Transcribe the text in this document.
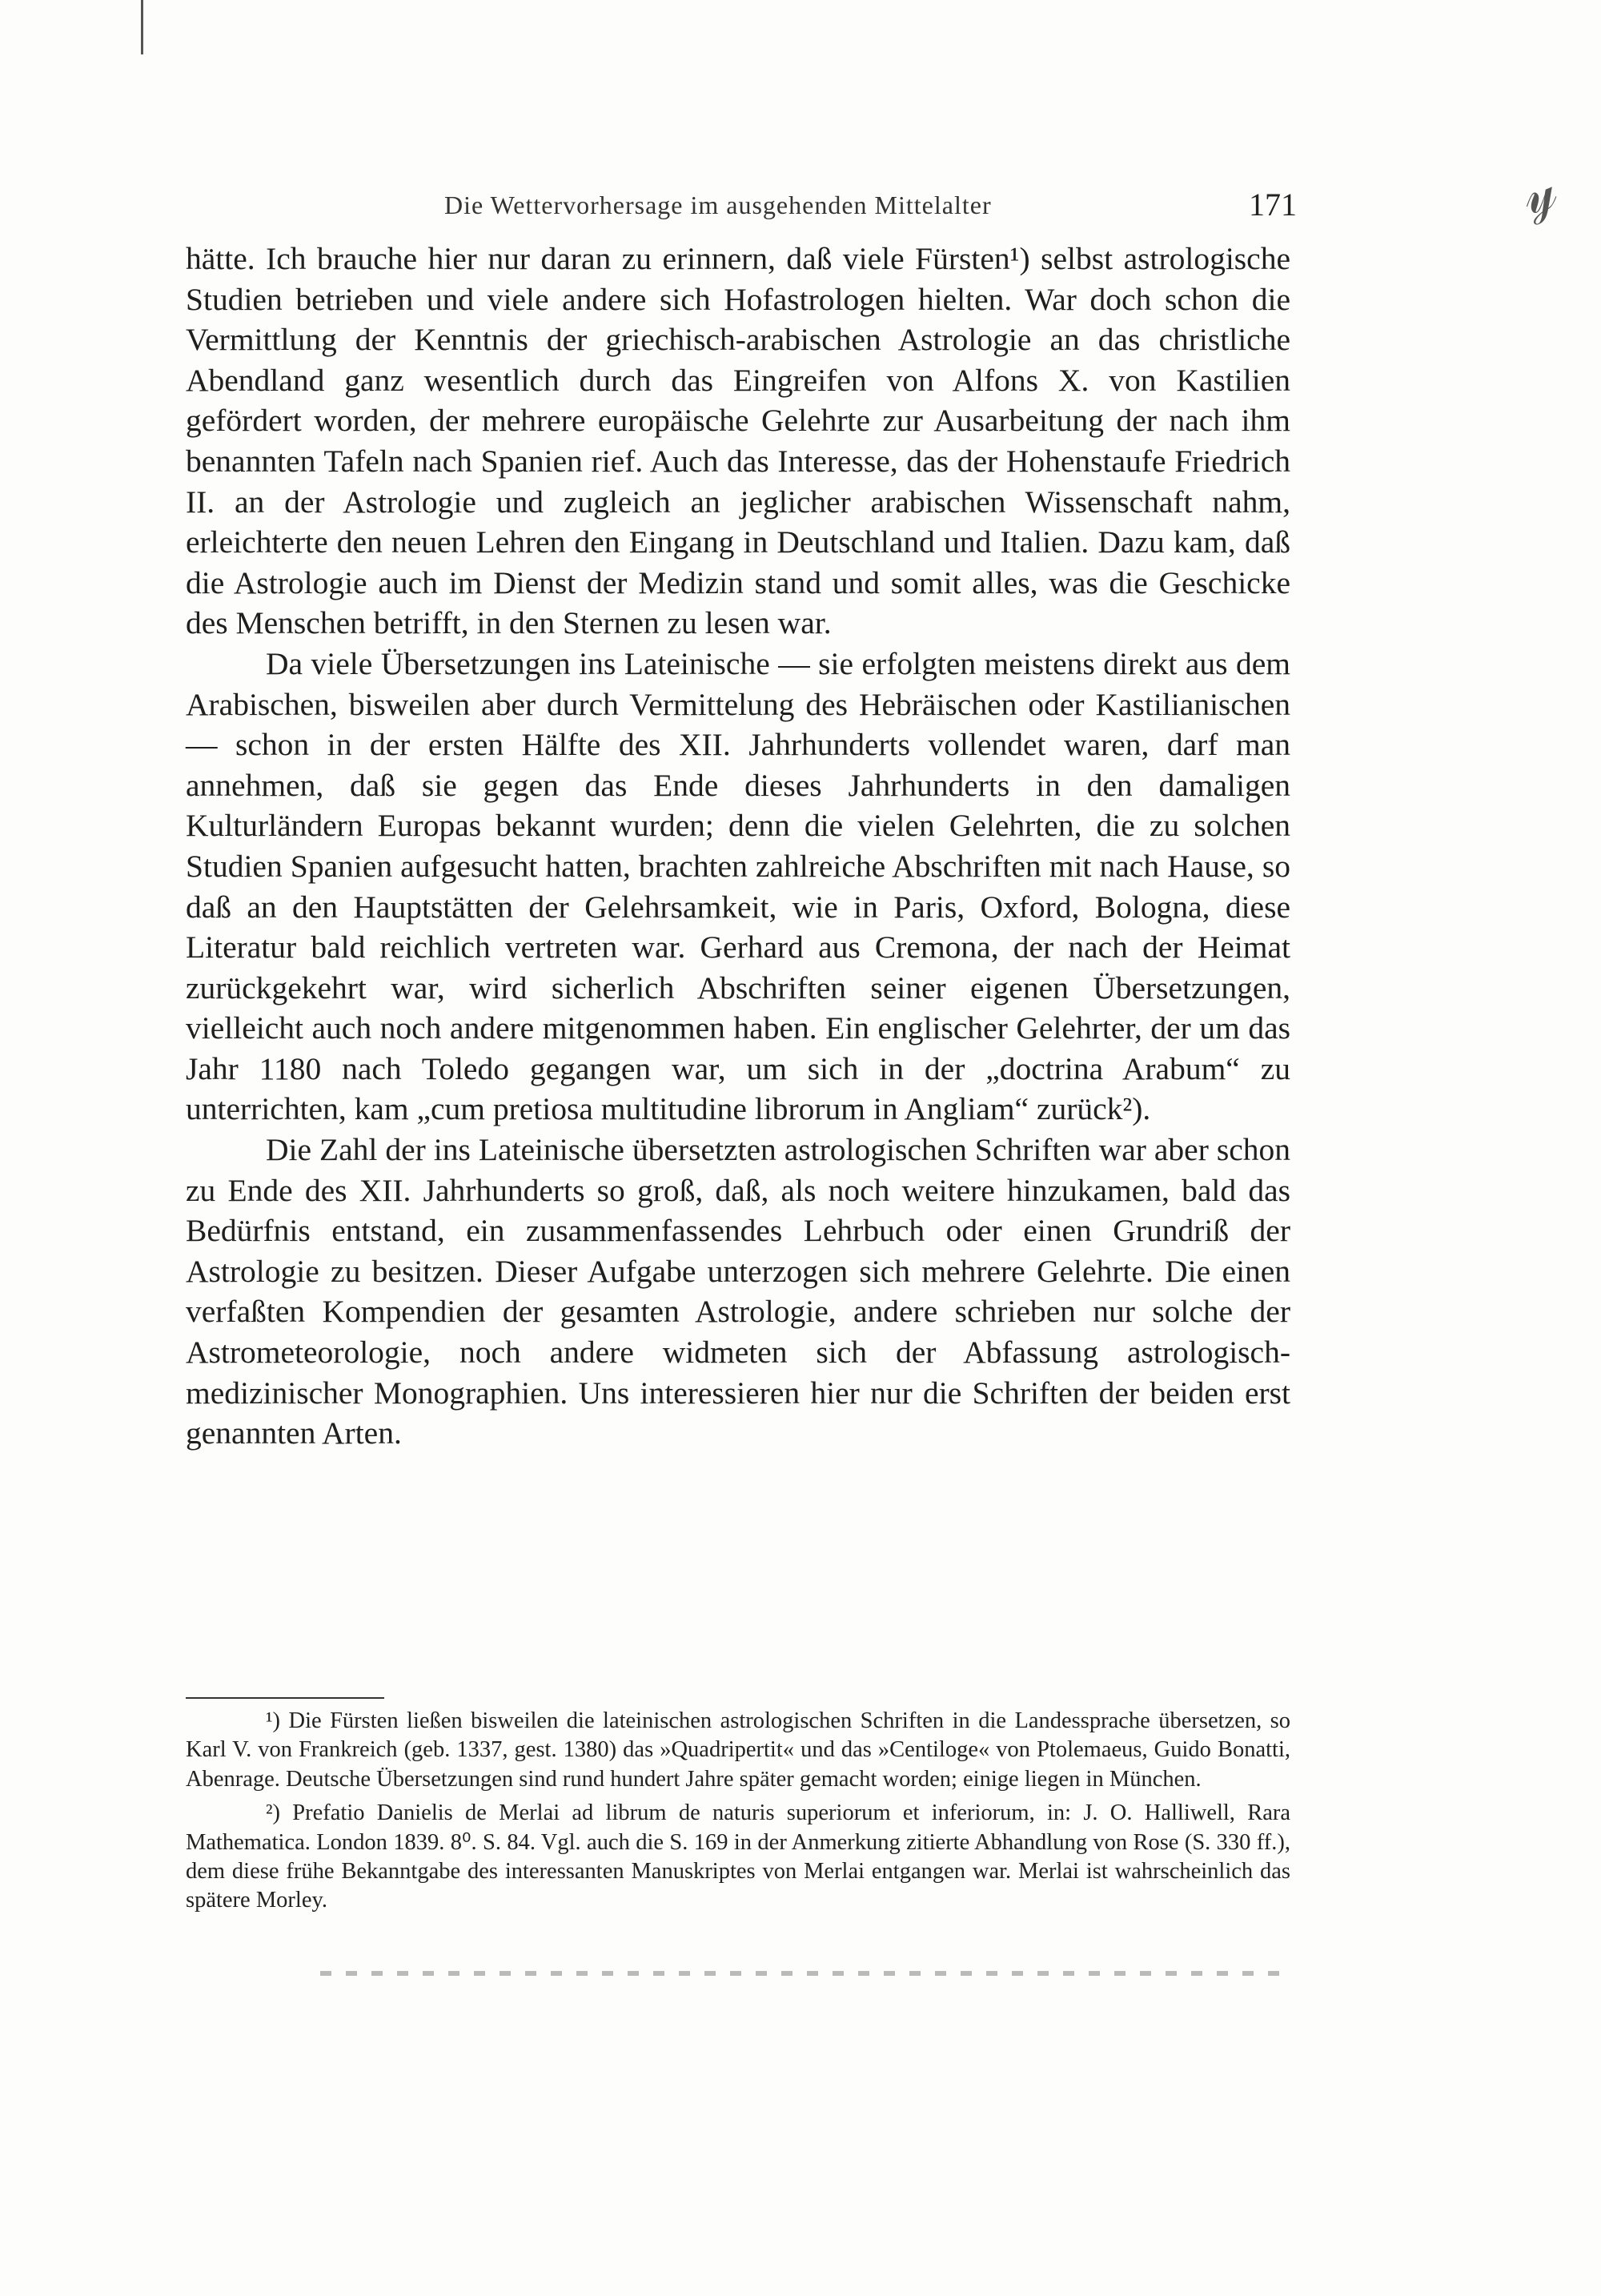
Die Wettervorhersage im ausgehenden Mittelalter	171	𝓎

hätte. Ich brauche hier nur daran zu erinnern, daß viele Fürsten¹) selbst astrologische Studien betrieben und viele andere sich Hofastrologen hielten. War doch schon die Vermittlung der Kenntnis der griechisch-arabischen Astrologie an das christliche Abendland ganz wesentlich durch das Eingreifen von Alfons X. von Kastilien gefördert worden, der mehrere europäische Gelehrte zur Ausarbeitung der nach ihm benannten Tafeln nach Spanien rief. Auch das Interesse, das der Hohenstaufe Friedrich II. an der Astrologie und zugleich an jeglicher arabischen Wissenschaft nahm, erleichterte den neuen Lehren den Eingang in Deutschland und Italien. Dazu kam, daß die Astrologie auch im Dienst der Medizin stand und somit alles, was die Geschicke des Menschen betrifft, in den Sternen zu lesen war.

Da viele Übersetzungen ins Lateinische — sie erfolgten meistens direkt aus dem Arabischen, bisweilen aber durch Vermittelung des Hebräischen oder Kastilianischen — schon in der ersten Hälfte des XII. Jahrhunderts vollendet waren, darf man annehmen, daß sie gegen das Ende dieses Jahrhunderts in den damaligen Kulturländern Europas bekannt wurden; denn die vielen Gelehrten, die zu solchen Studien Spanien aufgesucht hatten, brachten zahlreiche Abschriften mit nach Hause, so daß an den Hauptstätten der Gelehrsamkeit, wie in Paris, Oxford, Bologna, diese Literatur bald reichlich vertreten war. Gerhard aus Cremona, der nach der Heimat zurückgekehrt war, wird sicherlich Abschriften seiner eigenen Übersetzungen, vielleicht auch noch andere mitgenommen haben. Ein englischer Gelehrter, der um das Jahr 1180 nach Toledo gegangen war, um sich in der „doctrina Arabum“ zu unterrichten, kam „cum pretiosa multitudine librorum in Angliam“ zurück²).

Die Zahl der ins Lateinische übersetzten astrologischen Schriften war aber schon zu Ende des XII. Jahrhunderts so groß, daß, als noch weitere hinzukamen, bald das Bedürfnis entstand, ein zusammenfassendes Lehrbuch oder einen Grundriß der Astrologie zu besitzen. Dieser Aufgabe unterzogen sich mehrere Gelehrte. Die einen verfaßten Kompendien der gesamten Astrologie, andere schrieben nur solche der Astrometeorologie, noch andere widmeten sich der Abfassung astrologisch-medizinischer Monographien. Uns interessieren hier nur die Schriften der beiden erst genannten Arten.

¹) Die Fürsten ließen bisweilen die lateinischen astrologischen Schriften in die Landessprache übersetzen, so Karl V. von Frankreich (geb. 1337, gest. 1380) das »Quadripertit« und das »Centiloge« von Ptolemaeus, Guido Bonatti, Abenrage. Deutsche Übersetzungen sind rund hundert Jahre später gemacht worden; einige liegen in München.

²) Prefatio Danielis de Merlai ad librum de naturis superiorum et inferiorum, in: J. O. Halliwell, Rara Mathematica. London 1839. 8⁰. S. 84. Vgl. auch die S. 169 in der Anmerkung zitierte Abhandlung von Rose (S. 330 ff.), dem diese frühe Bekanntgabe des interessanten Manuskriptes von Merlai entgangen war. Merlai ist wahrscheinlich das spätere Morley.
